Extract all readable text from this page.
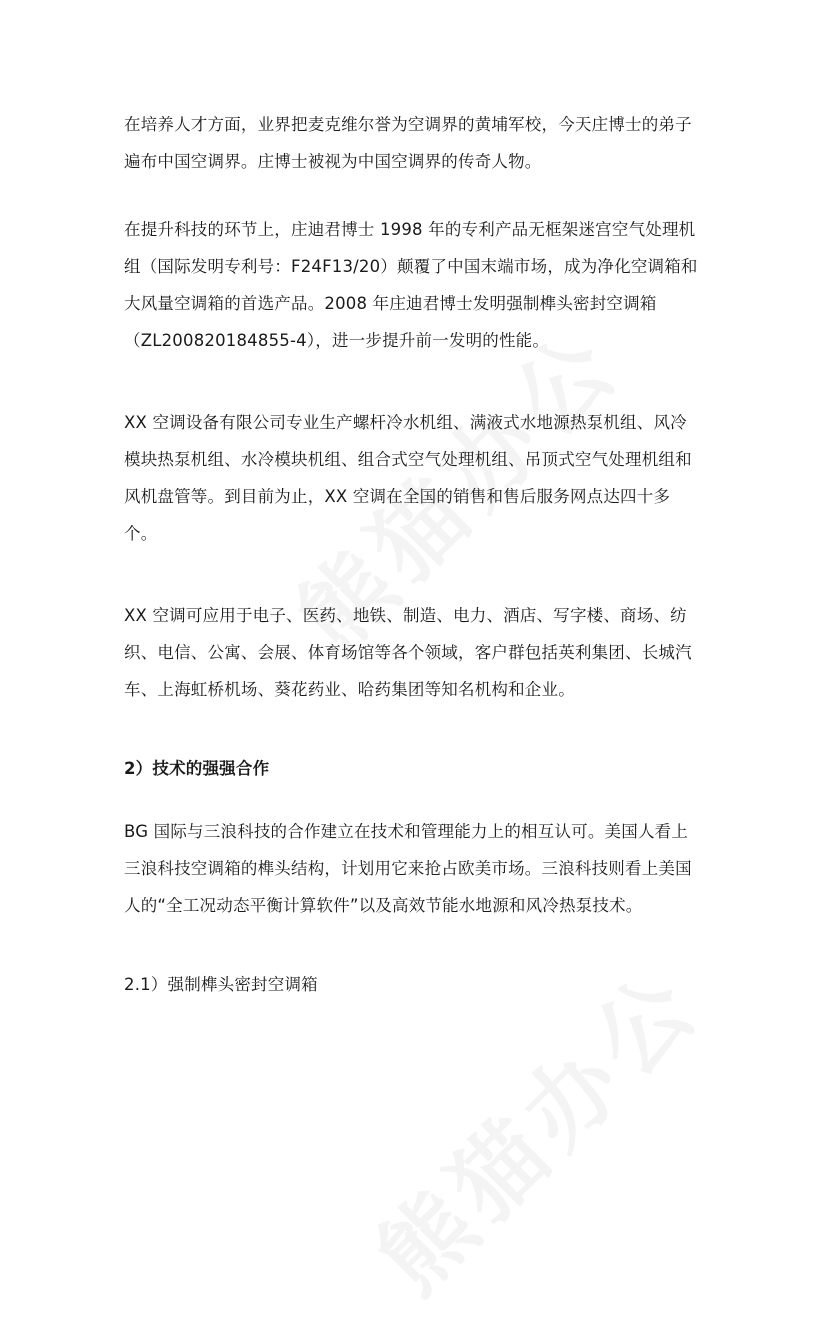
在培养人才方面，业界把麦克维尔誉为空调界的黄埔军校，今天庄博士的弟子
遍布中国空调界。庄博士被视为中国空调界的传奇人物。
在提升科技的环节上，庄迪君博士 1998 年的专利产品无框架迷宫空气处理机
组（国际发明专利号：F24F13/20）颠覆了中国末端市场，成为净化空调箱和
大风量空调箱的首选产品。2008 年庄迪君博士发明强制榫头密封空调箱
（ZL200820184855-4），进一步提升前一发明的性能。
XX 空调设备有限公司专业生产螺杆冷水机组、满液式水地源热泵机组、风冷
模块热泵机组、水冷模块机组、组合式空气处理机组、吊顶式空气处理机组和
风机盘管等。到目前为止，XX 空调在全国的销售和售后服务网点达四十多
个。
XX 空调可应用于电子、医药、地铁、制造、电力、酒店、写字楼、商场、纺
织、电信、公寓、会展、体育场馆等各个领域，客户群包括英利集团、长城汽
车、上海虹桥机场、葵花药业、哈药集团等知名机构和企业。
2）技术的强强合作
BG 国际与三浪科技的合作建立在技术和管理能力上的相互认可。美国人看上
三浪科技空调箱的榫头结构，计划用它来抢占欧美市场。三浪科技则看上美国
人的“全工况动态平衡计算软件”以及高效节能水地源和风冷热泵技术。
2.1）强制榫头密封空调箱
